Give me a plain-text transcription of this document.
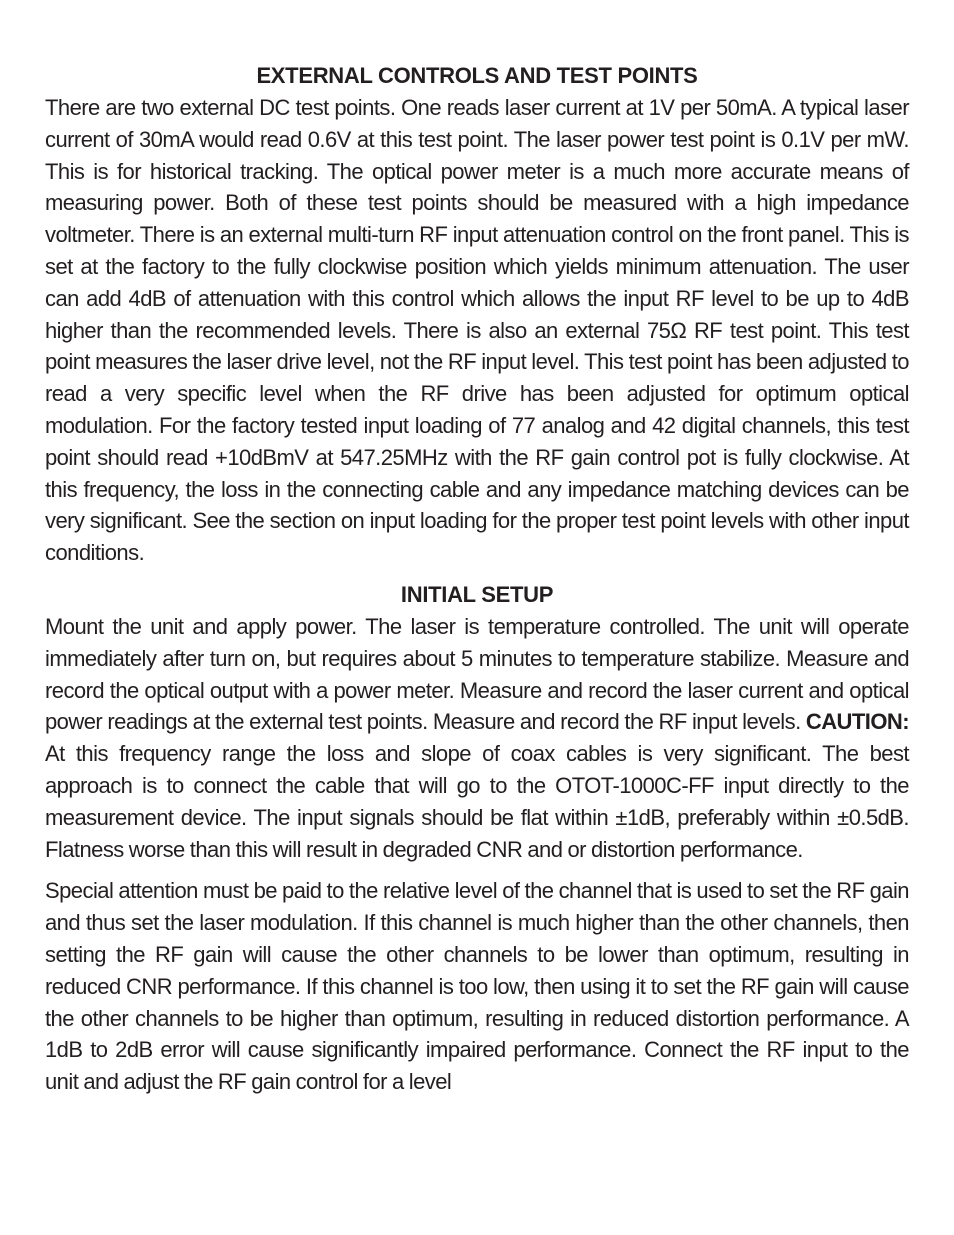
EXTERNAL CONTROLS AND TEST POINTS

There are two external DC test points. One reads laser current at 1V per 50mA. A typical laser current of 30mA would read 0.6V at this test point. The laser power test point is 0.1V per mW. This is for historical tracking. The optical power meter is a much more accurate means of measuring power. Both of these test points should be measured with a high impedance voltmeter. There is an external multi-turn RF input attenuation control on the front panel. This is set at the factory to the fully clockwise position which yields minimum attenuation. The user can add 4dB of attenuation with this control which allows the input RF level to be up to 4dB higher than the recommended levels. There is also an external 75Ω RF test point. This test point measures the laser drive level, not the RF input level. This test point has been adjusted to read a very specific level when the RF drive has been adjusted for optimum optical modulation. For the factory tested input loading of 77 analog and 42 digital channels, this test point should read +10dBmV at 547.25MHz with the RF gain control pot is fully clockwise. At this frequency, the loss in the connecting cable and any impedance matching devices can be very significant. See the section on input loading for the proper test point levels with other input conditions.

INITIAL SETUP

Mount the unit and apply power. The laser is temperature controlled. The unit will operate immediately after turn on, but requires about 5 minutes to temperature stabilize. Measure and record the optical output with a power meter. Measure and record the laser current and optical power readings at the external test points. Measure and record the RF input levels. CAUTION: At this frequency range the loss and slope of coax cables is very significant. The best approach is to connect the cable that will go to the OTOT-1000C-FF input directly to the measurement device. The input signals should be flat within ±1dB, preferably within ±0.5dB. Flatness worse than this will result in degraded CNR and or distortion performance.

Special attention must be paid to the relative level of the channel that is used to set the RF gain and thus set the laser modulation. If this channel is much higher than the other channels, then setting the RF gain will cause the other channels to be lower than optimum, resulting in reduced CNR performance. If this channel is too low, then using it to set the RF gain will cause the other channels to be higher than optimum, resulting in reduced distortion performance. A 1dB to 2dB error will cause significantly impaired performance. Connect the RF input to the unit and adjust the RF gain control for a level
